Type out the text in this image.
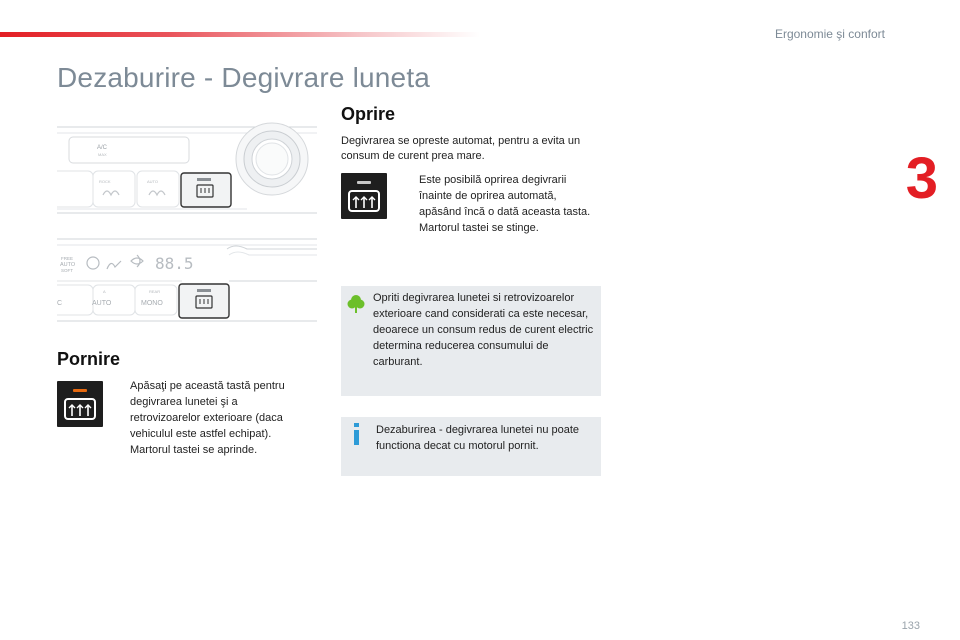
Ergonomie şi confort
3
Dezaburire - Degivrare luneta
A/C
MAX
ROCK	AUTO
FREE
AUTO
SOFT	88.5
C
A
AUTO
REAR
MONO
Oprire
Degivrarea se opreste automat, pentru a evita un consum de curent prea mare.
Este posibilă oprirea degivrarii înainte de oprirea automată, apăsând încă o dată aceasta tasta. Martorul tastei se stinge.
Pornire
Apăsaţi pe această tastă pentru degivrarea lunetei şi a retrovizoarelor exterioare (daca vehiculul este astfel echipat). Martorul tastei se aprinde.
Opriti degivrarea lunetei si retrovizoarelor exterioare cand considerati ca este necesar, deoarece un consum redus de curent electric determina reducerea consumului de carburant.
Dezaburirea - degivrarea lunetei nu poate functiona decat cu motorul pornit.
133
